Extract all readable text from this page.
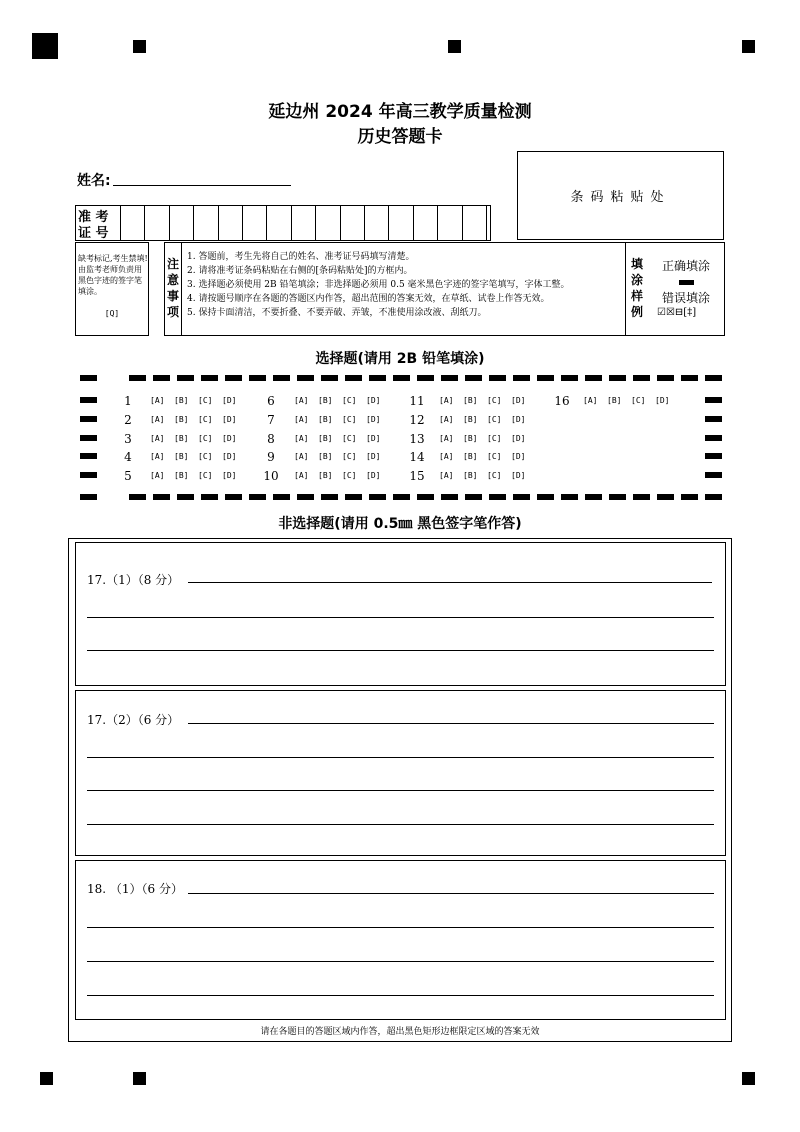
延边州 2024 年高三教学质量检测
历史答题卡
条码粘贴处
姓名:
准 考
证 号
缺考标记,考生禁填!由监考老师负责用黑色字迹的签字笔填涂。
[Q]
注
意
事
项
1. 答题前，考生先将自己的姓名、准考证号码填写清楚。
2. 请将准考证条码粘贴在右侧的[条码粘贴处]的方框内。
3. 选择题必须使用 2B 铅笔填涂；非选择题必须用 0.5 毫米黑色字迹的签字笔填写，字体工整。
4. 请按题号顺序在各题的答题区内作答，超出范围的答案无效，在草纸、试卷上作答无效。
5. 保持卡面清洁，不要折叠、不要弄破、弄皱，不准使用涂改液、刮纸刀。
填
涂
样
例
正确填涂
错误填涂
☑☒⊟[‡]
选择题(请用 2B 铅笔填涂)
1	[A] [B] [C] [D]
2	[A] [B] [C] [D]
3	[A] [B] [C] [D]
4	[A] [B] [C] [D]
5	[A] [B] [C] [D]
6	[A] [B] [C] [D]
7	[A] [B] [C] [D]
8	[A] [B] [C] [D]
9	[A] [B] [C] [D]
10	[A] [B] [C] [D]
11	[A] [B] [C] [D]
12	[A] [B] [C] [D]
13	[A] [B] [C] [D]
14	[A] [B] [C] [D]
15	[A] [B] [C] [D]
16	[A] [B] [C] [D]
非选择题(请用 0.5㎜ 黑色签字笔作答)
17.（1）（8 分）
17.（2）（6 分）
18. （1）（6 分）
请在各题目的答题区域内作答，超出黑色矩形边框限定区域的答案无效
